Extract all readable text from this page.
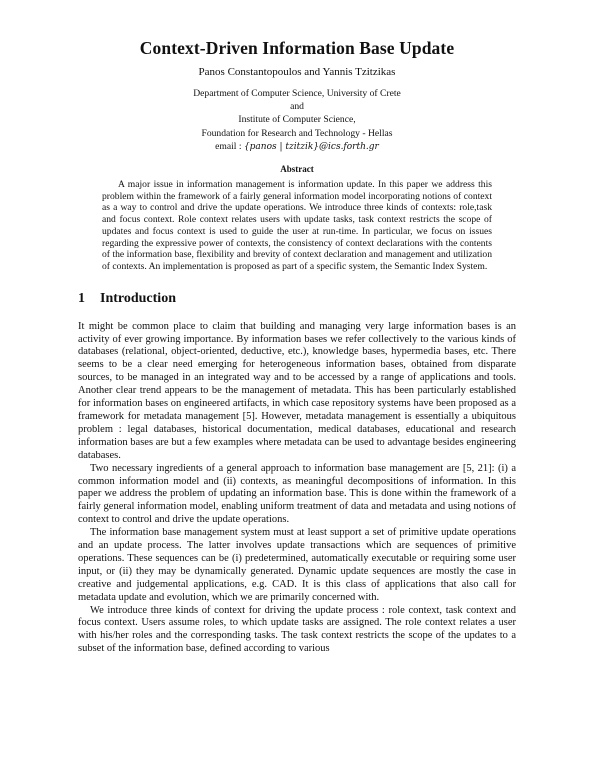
Context-Driven Information Base Update
Panos Constantopoulos and Yannis Tzitzikas
Department of Computer Science, University of Crete
and
Institute of Computer Science,
Foundation for Research and Technology - Hellas
email : {panos | tzitzik}@ics.forth.gr
Abstract

A major issue in information management is information update. In this paper we address this problem within the framework of a fairly general information model incorporating notions of context as a way to control and drive the update operations. We introduce three kinds of contexts: role,task and focus context. Role context relates users with update tasks, task context restricts the scope of updates and focus context is used to guide the user at run-time. In particular, we focus on issues regarding the expressive power of contexts, the consistency of context declarations with the contents of the information base, flexibility and brevity of context declaration and management and utilization of contexts. An implementation is proposed as part of a specific system, the Semantic Index System.

1 Introduction

It might be common place to claim that building and managing very large information bases is an activity of ever growing importance. By information bases we refer collectively to the various kinds of databases (relational, object-oriented, deductive, etc.), knowledge bases, hypermedia bases, etc. There seems to be a clear need emerging for heterogeneous information bases, obtained from disparate sources, to be managed in an integrated way and to be accessed by a range of applications and tools. Another clear trend appears to be the management of metadata. This has been particularly established for information bases on engineered artifacts, in which case repository systems have been proposed as a framework for metadata management [5]. However, metadata management is essentially a ubiquitous problem : legal databases, historical documentation, medical databases, educational and research information bases are but a few examples where metadata can be used to advantage besides engineering databases.

Two necessary ingredients of a general approach to information base management are [5, 21]: (i) a common information model and (ii) contexts, as meaningful decompositions of information. In this paper we address the problem of updating an information base. This is done within the framework of a fairly general information model, enabling uniform treatment of data and metadata and using notions of context to control and drive the update operations.

The information base management system must at least support a set of primitive update operations and an update process. The latter involves update transactions which are sequences of primitive operations. These sequences can be (i) predetermined, automatically executable or requiring some user input, or (ii) they may be dynamically generated. Dynamic update sequences are mostly the case in creative and judgemental applications, e.g. CAD. It is this class of applications that also call for metadata update and evolution, which we are primarily concerned with.

We introduce three kinds of context for driving the update process : role context, task context and focus context. Users assume roles, to which update tasks are assigned. The role context relates a user with his/her roles and the corresponding tasks. The task context restricts the scope of the updates to a subset of the information base, defined according to various
